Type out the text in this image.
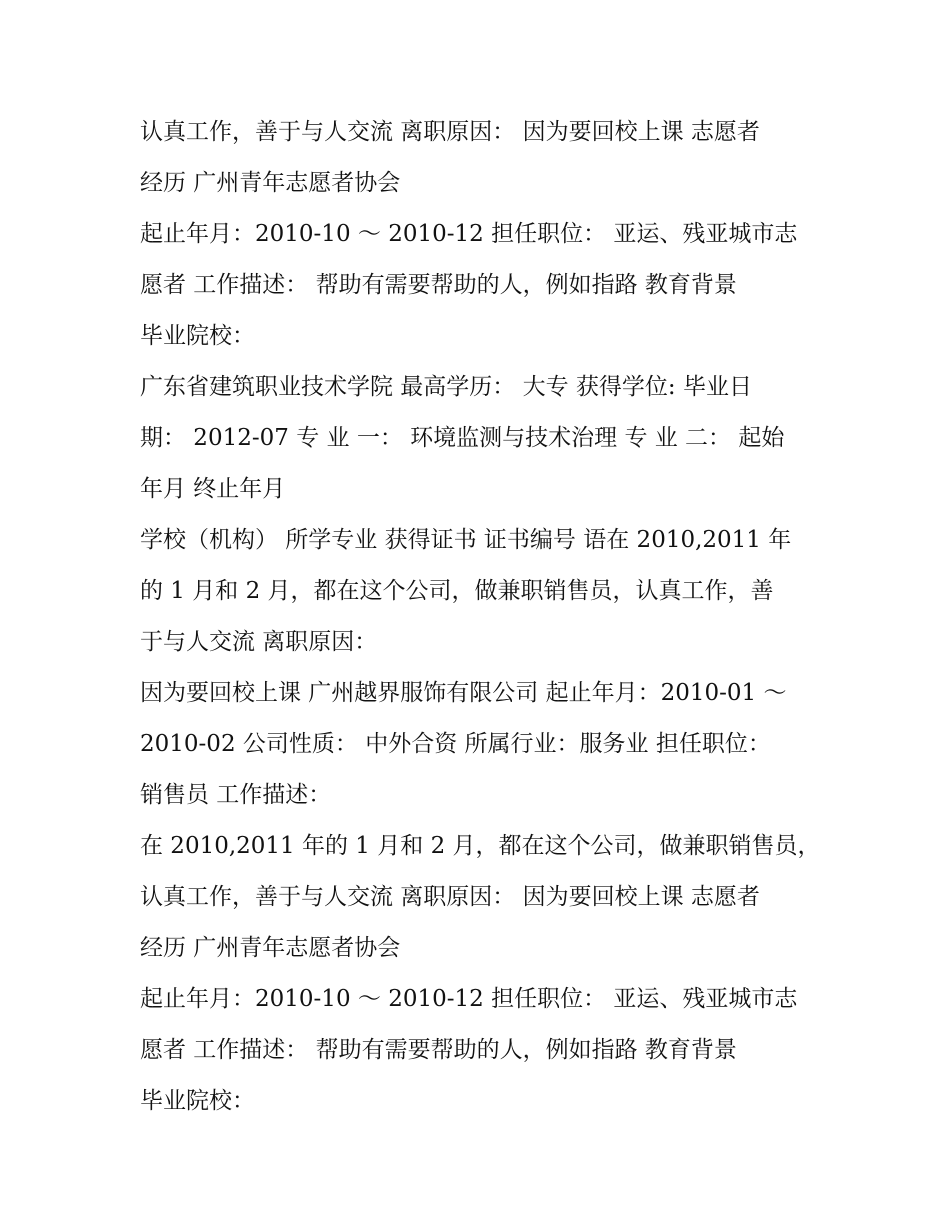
认真工作，善于与人交流 离职原因： 因为要回校上课 志愿者
经历 广州青年志愿者协会
起止年月：2010-10 ～ 2010-12 担任职位： 亚运、残亚城市志
愿者 工作描述： 帮助有需要帮助的人，例如指路 教育背景
毕业院校：
广东省建筑职业技术学院 最高学历： 大专 获得学位: 毕业日
期： 2012-07 专 业 一： 环境监测与技术治理 专 业 二： 起始
年月 终止年月
学校（机构） 所学专业 获得证书 证书编号 语在 2010,2011 年
的 1 月和 2 月，都在这个公司，做兼职销售员，认真工作，善
于与人交流 离职原因：
因为要回校上课 广州越界服饰有限公司 起止年月：2010-01 ～
2010-02 公司性质： 中外合资 所属行业：服务业 担任职位：
销售员 工作描述：
在 2010,2011 年的 1 月和 2 月，都在这个公司，做兼职销售员，
认真工作，善于与人交流 离职原因： 因为要回校上课 志愿者
经历 广州青年志愿者协会
起止年月：2010-10 ～ 2010-12 担任职位： 亚运、残亚城市志
愿者 工作描述： 帮助有需要帮助的人，例如指路 教育背景
毕业院校：
